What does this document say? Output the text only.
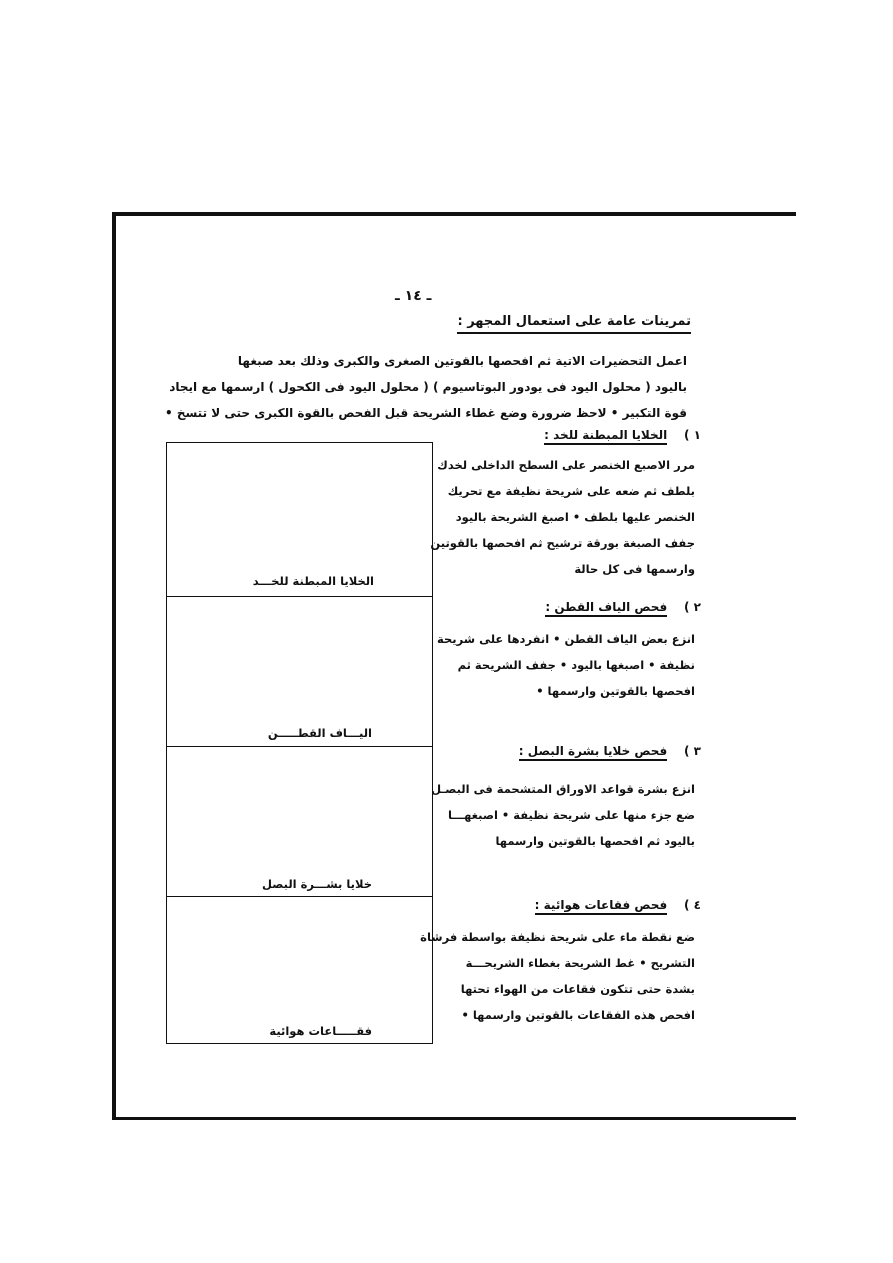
ـ ١٤ ـ
تمرينات عامة على استعمال المجهر :
اعمل التحضيرات الاتية ثم افحصها بالقوتين الصغرى والكبرى وذلك بعد صبغها
باليود ( محلول اليود فى يودور البوتاسيوم ) ( محلول اليود فى الكحول ) ارسمها مع ايجاد
قوة التكبير • لاحظ ضرورة وضع غطاء الشريحة قبل الفحص بالقوة الكبرى حتى لا تتسخ •
١ )    الخلايا المبطنة للخد :
مرر الاصبع الخنصر على السطح الداخلى لخدك
بلطف ثم ضعه على شريحة نظيفة مع تحريك
الخنصر عليها بلطف • اصبغ الشريحة باليود
جفف الصبغة بورقة ترشيح ثم افحصها بالقوتين
وارسمها فى كل حالة
٢ )    فحص الياف القطن :
انزع بعض الياف القطن • انفردها على شريحة
نظيفة • اصبغها باليود • جفف الشريحة ثم
افحصها بالقوتين وارسمها •
٣ )    فحص خلايا بشرة البصل :
انزع بشرة قواعد الاوراق المتشحمة فى البصـل
ضع جزء منها على شريحة نظيفة • اصبغهـــا
باليود ثم افحصها بالقوتين وارسمها
٤ )    فحص فقاعات هوائية :
ضع نقطة ماء على شريحة نظيفة بواسطة فرشاة
التشريح • غط الشريحة بغطاء الشريحـــة
بشدة حتى تتكون فقاعات من الهواء تحتها
افحص هذه الفقاعات بالقوتين وارسمها •
الخلايا المبطنة للخـــد
اليـــاف القطـــــن
خلايا بشـــرة البصل
فقـــــاعات هوائية
